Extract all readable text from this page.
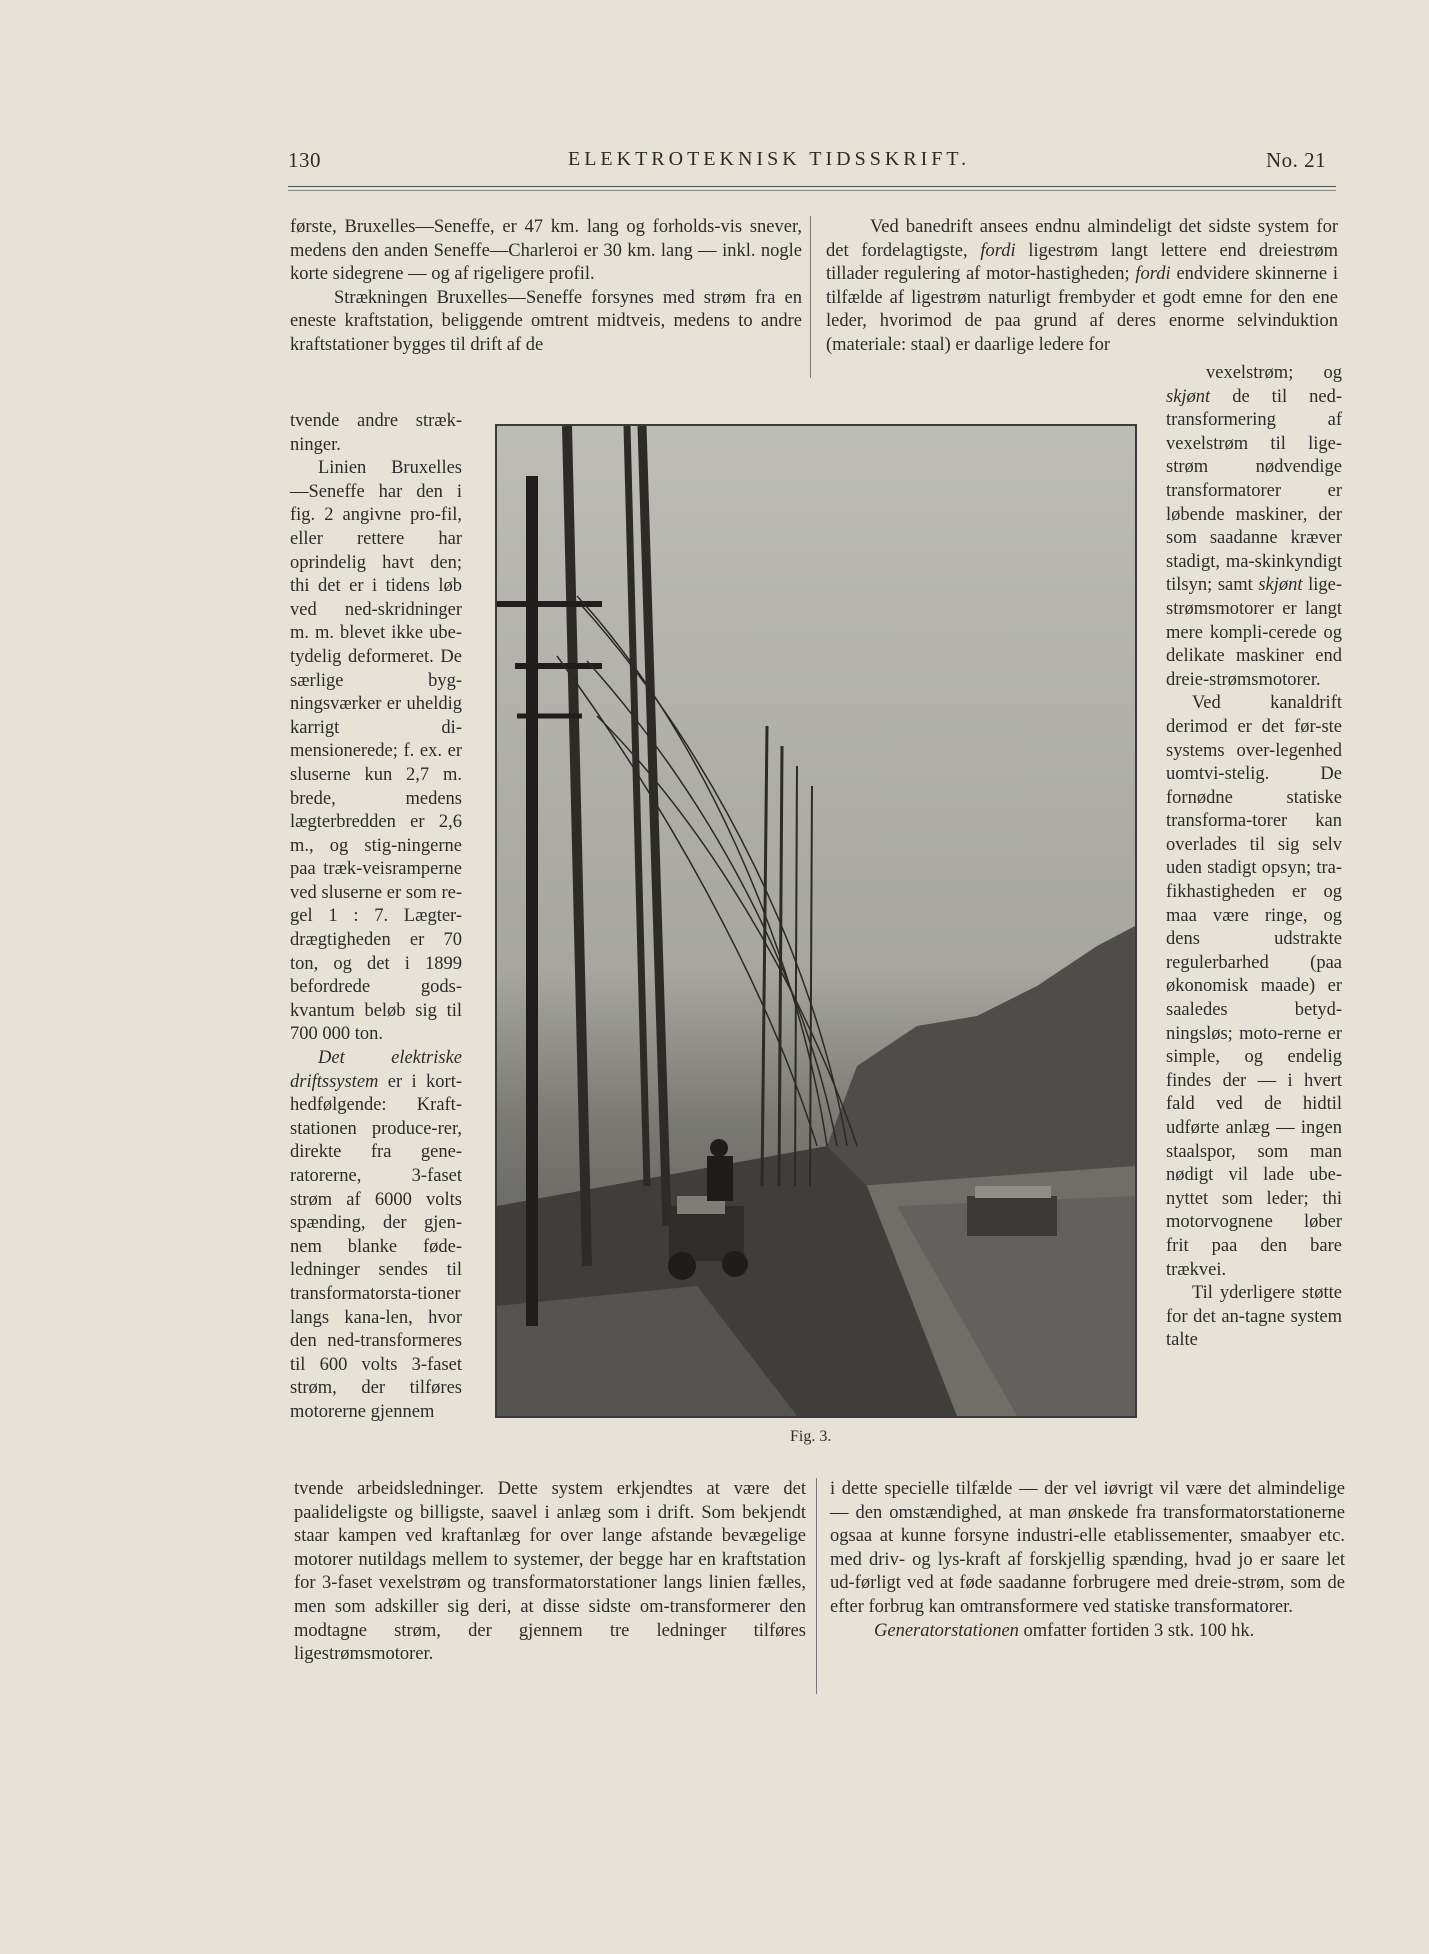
130	ELEKTROTEKNISK TIDSSKRIFT.	No. 21

første, Bruxelles—Seneffe, er 47 km. lang og forholds-vis snever, medens den anden Seneffe—Charleroi er 30 km. lang — inkl. nogle korte sidegrene — og af rigeligere profil.

Strækningen Bruxelles—Seneffe forsynes med strøm fra en eneste kraftstation, beliggende omtrent midtveis, medens to andre kraftstationer bygges til drift af de

Ved banedrift ansees endnu almindeligt det sidste system for det fordelagtigste, fordi ligestrøm langt lettere end dreiestrøm tillader regulering af motor-hastigheden; fordi endvidere skinnerne i tilfælde af ligestrøm naturligt frembyder et godt emne for den ene leder, hvorimod de paa grund af deres enorme selvinduktion (materiale: staal) er daarlige ledere for

tvende andre stræk-ninger.

Linien Bruxelles —Seneffe har den i fig. 2 angivne pro-fil, eller rettere har oprindelig havt den; thi det er i tidens løb ved ned-skridninger m. m. blevet ikke ube-tydelig deformeret. De særlige byg-ningsværker er uheldig karrigt di-mensionerede; f. ex. er sluserne kun 2,7 m. brede, medens lægterbredden er 2,6 m., og stig-ningerne paa træk-veisramperne ved sluserne er som re-gel 1 : 7. Lægter-drægtigheden er 70 ton, og det i 1899 befordrede gods-kvantum beløb sig til 700 000 ton.

Det elektriske driftssystem er i kort-hedfølgende: Kraft-stationen produce-rer, direkte fra gene-ratorerne, 3-faset strøm af 6000 volts spænding, der gjen-nem blanke føde-ledninger sendes til transformatorsta-tioner langs kana-len, hvor den ned-transformeres til 600 volts 3-faset strøm, der tilføres motorerne gjennem

Fig. 3.

vexelstrøm; og skjønt de til ned-transformering af vexelstrøm til lige-strøm nødvendige transformatorer er løbende maskiner, der som saadanne kræver stadigt, ma-skinkyndigt tilsyn; samt skjønt lige-strømsmotorer er langt mere kompli-cerede og delikate maskiner end dreie-strømsmotorer.

Ved kanaldrift derimod er det før-ste systems over-legenhed uomtvi-stelig. De fornødne statiske transforma-torer kan overlades til sig selv uden stadigt opsyn; tra-fikhastigheden er og maa være ringe, og dens udstrakte regulerbarhed (paa økonomisk maade) er saaledes betyd-ningsløs; moto-rerne er simple, og endelig findes der — i hvert fald ved de hidtil udførte anlæg — ingen staalspor, som man nødigt vil lade ube-nyttet som leder; thi motorvognene løber frit paa den bare trækvei.

Til yderligere støtte for det an-tagne system talte

tvende arbeidsledninger. Dette system erkjendtes at være det paalideligste og billigste, saavel i anlæg som i drift. Som bekjendt staar kampen ved kraftanlæg for over lange afstande bevægelige motorer nutildags mellem to systemer, der begge har en kraftstation for 3-faset vexelstrøm og transformatorstationer langs linien fælles, men som adskiller sig deri, at disse sidste om-transformerer den modtagne strøm, der gjennem tre ledninger tilføres ligestrømsmotorer.

i dette specielle tilfælde — der vel iøvrigt vil være det almindelige — den omstændighed, at man ønskede fra transformatorstationerne ogsaa at kunne forsyne industri-elle etablissementer, smaabyer etc. med driv- og lys-kraft af forskjellig spænding, hvad jo er saare let ud-førligt ved at føde saadanne forbrugere med dreie-strøm, som de efter forbrug kan omtransformere ved statiske transformatorer.

Generatorstationen omfatter fortiden 3 stk. 100 hk.
